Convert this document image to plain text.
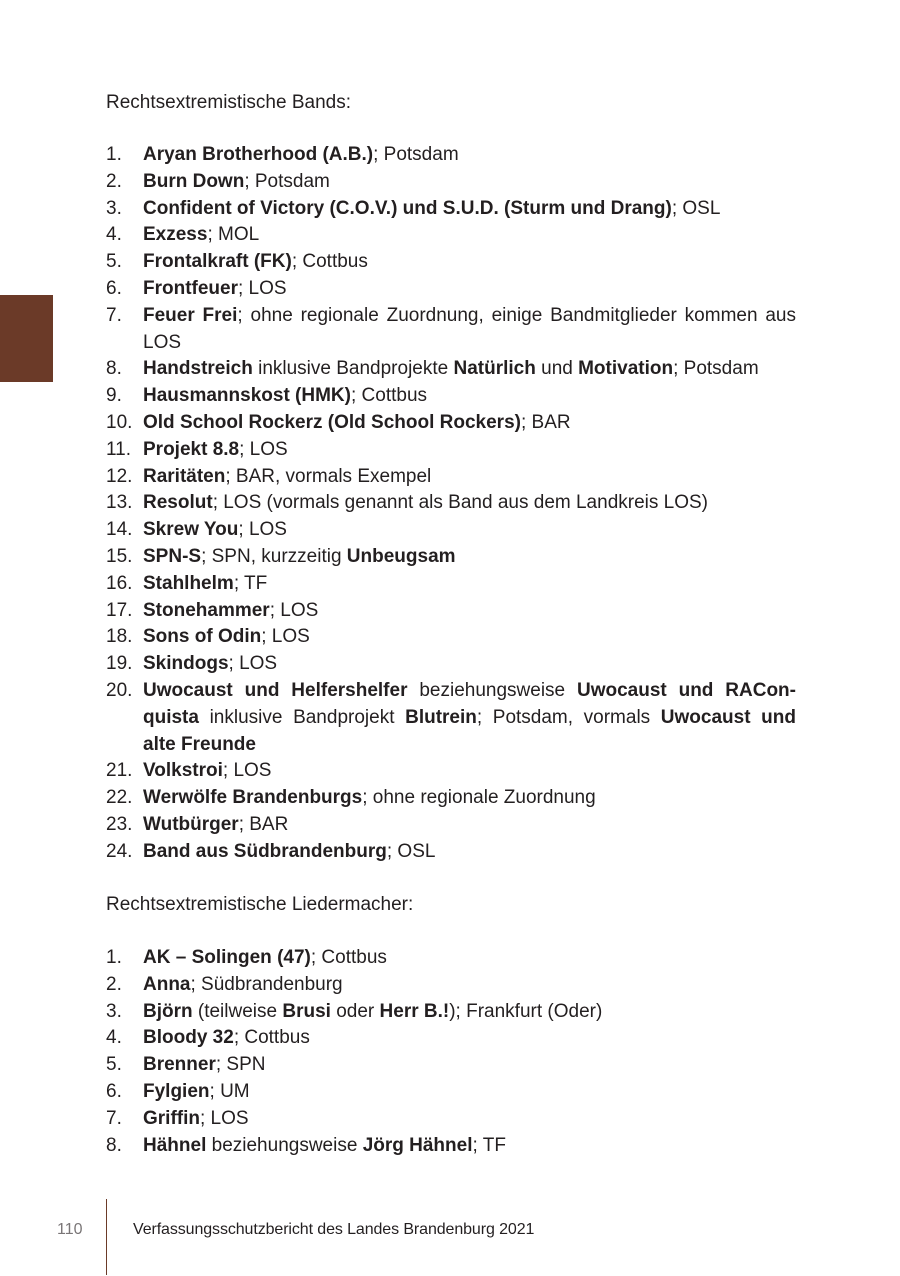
Rechtsextremistische Bands:

1.	Aryan Brotherhood (A.B.); Potsdam
2.	Burn Down; Potsdam
3.	Confident of Victory (C.O.V.) und S.U.D. (Sturm und Drang); OSL
4.	Exzess; MOL
5.	Frontalkraft (FK); Cottbus
6.	Frontfeuer; LOS
7.	Feuer Frei; ohne regionale Zuordnung, einige Bandmitglieder kommen aus LOS
8.	Handstreich inklusive Bandprojekte Natürlich und Motivation; Potsdam
9.	Hausmannskost (HMK); Cottbus
10. Old School Rockerz (Old School Rockers); BAR
11. Projekt 8.8; LOS
12. Raritäten; BAR, vormals Exempel
13. Resolut; LOS (vormals genannt als Band aus dem Landkreis LOS)
14. Skrew You; LOS
15. SPN-S; SPN, kurzzeitig Unbeugsam
16. Stahlhelm; TF
17. Stonehammer; LOS
18. Sons of Odin; LOS
19. Skindogs; LOS
20. Uwocaust und Helfershelfer beziehungsweise Uwocaust und RAConquista inklusive Bandprojekt Blutrein; Potsdam, vormals Uwocaust und alte Freunde
21. Volkstroi; LOS
22. Werwölfe Brandenburgs; ohne regionale Zuordnung
23. Wutbürger; BAR
24. Band aus Südbrandenburg; OSL

Rechtsextremistische Liedermacher:

1.	AK – Solingen (47); Cottbus
2.	Anna; Südbrandenburg
3.	Björn (teilweise Brusi oder Herr B.!); Frankfurt (Oder)
4.	Bloody 32; Cottbus
5.	Brenner; SPN
6.	Fylgien; UM
7.	Griffin; LOS
8.	Hähnel beziehungsweise Jörg Hähnel; TF
110	Verfassungsschutzbericht des Landes Brandenburg 2021
